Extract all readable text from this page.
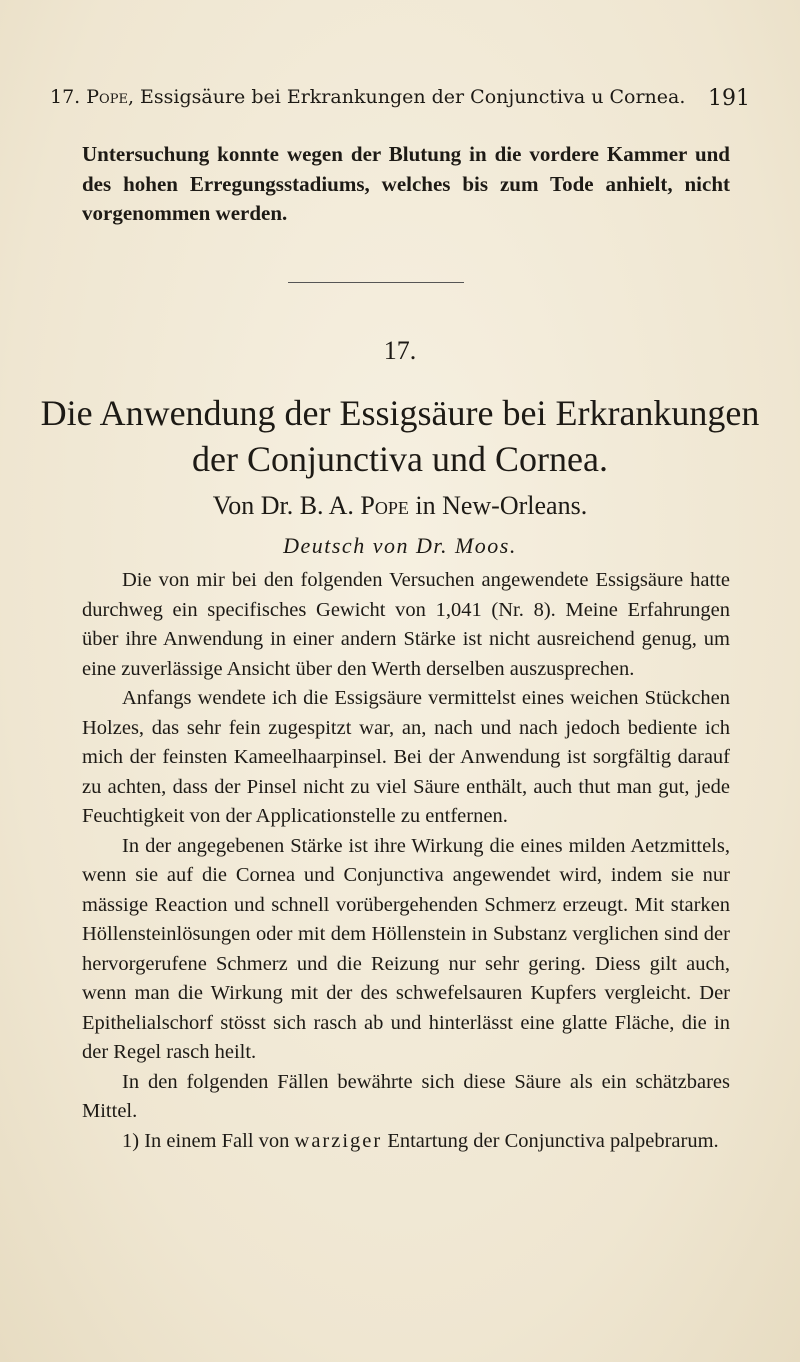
17. Pope, Essigsäure bei Erkrankungen der Conjunctiva u Cornea. 191
Untersuchung konnte wegen der Blutung in die vordere Kammer und des hohen Erregungsstadiums, welches bis zum Tode anhielt, nicht vorgenommen werden.
17.
Die Anwendung der Essigsäure bei Erkrankungen
der Conjunctiva und Cornea.
Von Dr. B. A. Pope in New-Orleans.
Deutsch von Dr. Moos.

Die von mir bei den folgenden Versuchen angewendete Essigsäure hatte durchweg ein specifisches Gewicht von 1,041 (Nr. 8). Meine Erfahrungen über ihre Anwendung in einer andern Stärke ist nicht ausreichend genug, um eine zuverlässige Ansicht über den Werth derselben auszusprechen.

Anfangs wendete ich die Essigsäure vermittelst eines weichen Stückchen Holzes, das sehr fein zugespitzt war, an, nach und nach jedoch bediente ich mich der feinsten Kameelhaarpinsel. Bei der Anwendung ist sorgfältig darauf zu achten, dass der Pinsel nicht zu viel Säure enthält, auch thut man gut, jede Feuchtigkeit von der Applicationstelle zu entfernen.

In der angegebenen Stärke ist ihre Wirkung die eines milden Aetzmittels, wenn sie auf die Cornea und Conjunctiva angewendet wird, indem sie nur mässige Reaction und schnell vorübergehenden Schmerz erzeugt. Mit starken Höllensteinlösungen oder mit dem Höllenstein in Substanz verglichen sind der hervorgerufene Schmerz und die Reizung nur sehr gering. Diess gilt auch, wenn man die Wirkung mit der des schwefelsauren Kupfers vergleicht. Der Epithelialschorf stösst sich rasch ab und hinterlässt eine glatte Fläche, die in der Regel rasch heilt.

In den folgenden Fällen bewährte sich diese Säure als ein schätzbares Mittel.

1) In einem Fall von warziger Entartung der Conjunctiva palpebrarum.
